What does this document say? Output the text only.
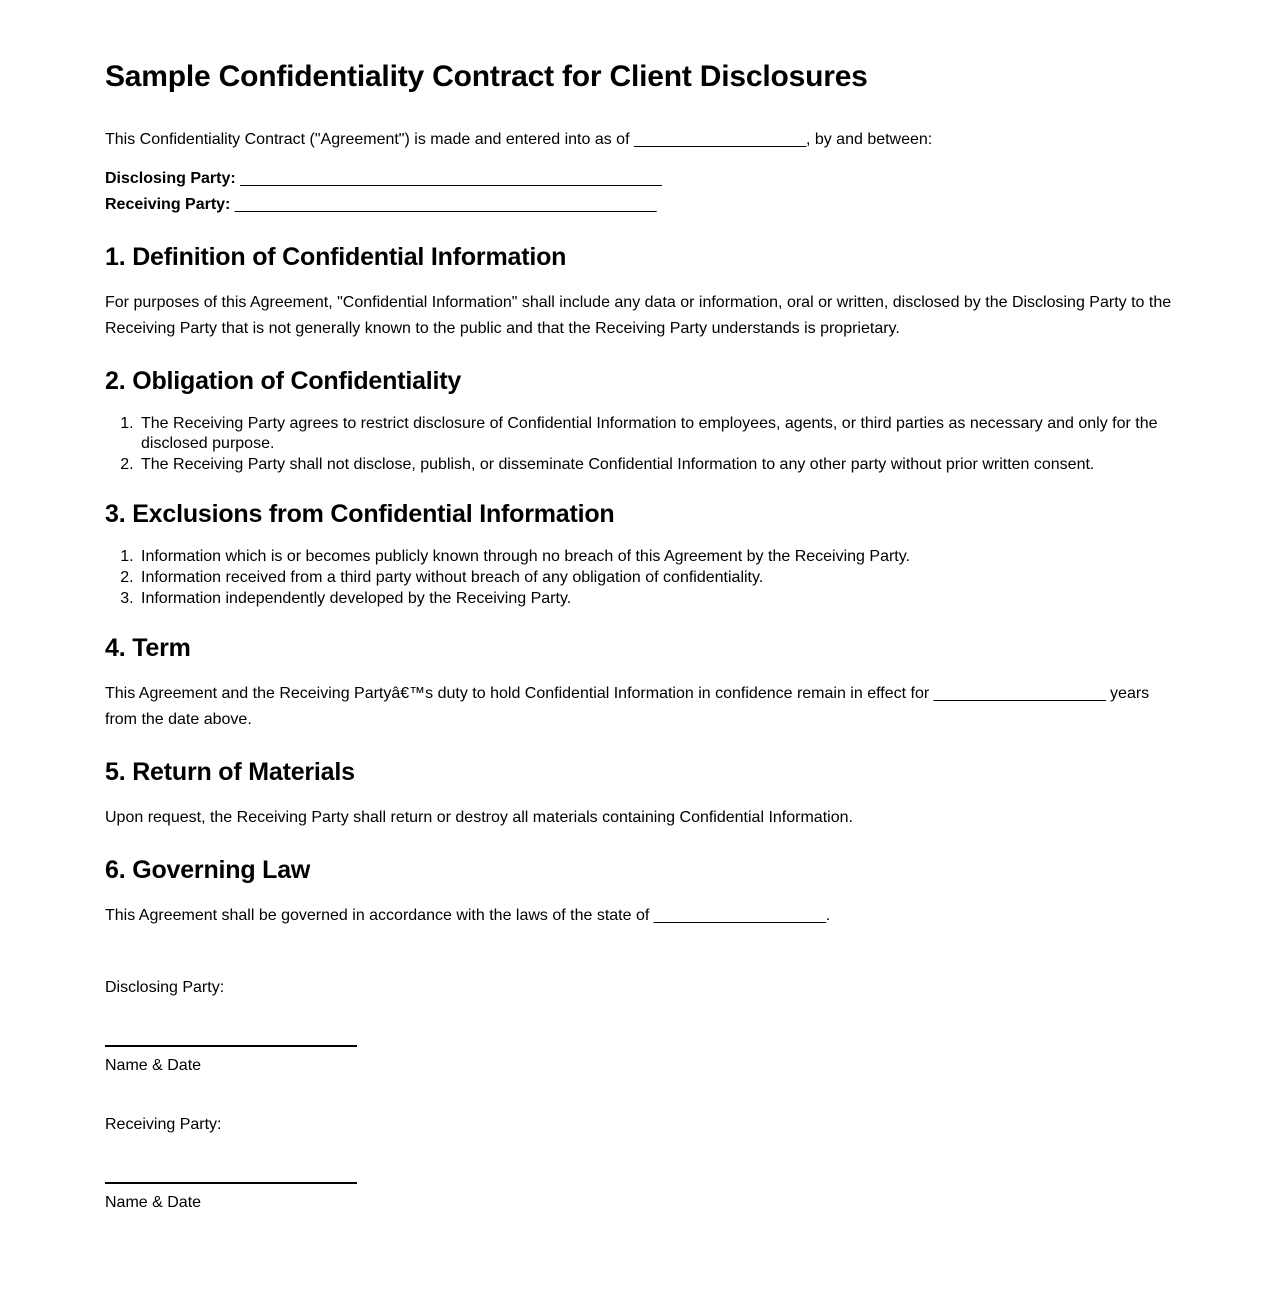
Sample Confidentiality Contract for Client Disclosures

This Confidentiality Contract ("Agreement") is made and entered into as of ____________________, by and between:

Disclosing Party: _________________________________________________

Receiving Party: _________________________________________________

1. Definition of Confidential Information

For purposes of this Agreement, "Confidential Information" shall include any data or information, oral or written, disclosed by the Disclosing Party to the Receiving Party that is not generally known to the public and that the Receiving Party understands is proprietary.

2. Obligation of Confidentiality
1. The Receiving Party agrees to restrict disclosure of Confidential Information to employees, agents, or third parties as necessary and only for the disclosed purpose.
2. The Receiving Party shall not disclose, publish, or disseminate Confidential Information to any other party without prior written consent.
3. Exclusions from Confidential Information
1. Information which is or becomes publicly known through no breach of this Agreement by the Receiving Party.
2. Information received from a third party without breach of any obligation of confidentiality.
3. Information independently developed by the Receiving Party.
4. Term

This Agreement and the Receiving Partyâ€™s duty to hold Confidential Information in confidence remain in effect for ____________________ years from the date above.

5. Return of Materials

Upon request, the Receiving Party shall return or destroy all materials containing Confidential Information.

6. Governing Law

This Agreement shall be governed in accordance with the laws of the state of ____________________.

Disclosing Party:

Name & Date

Receiving Party:

Name & Date
